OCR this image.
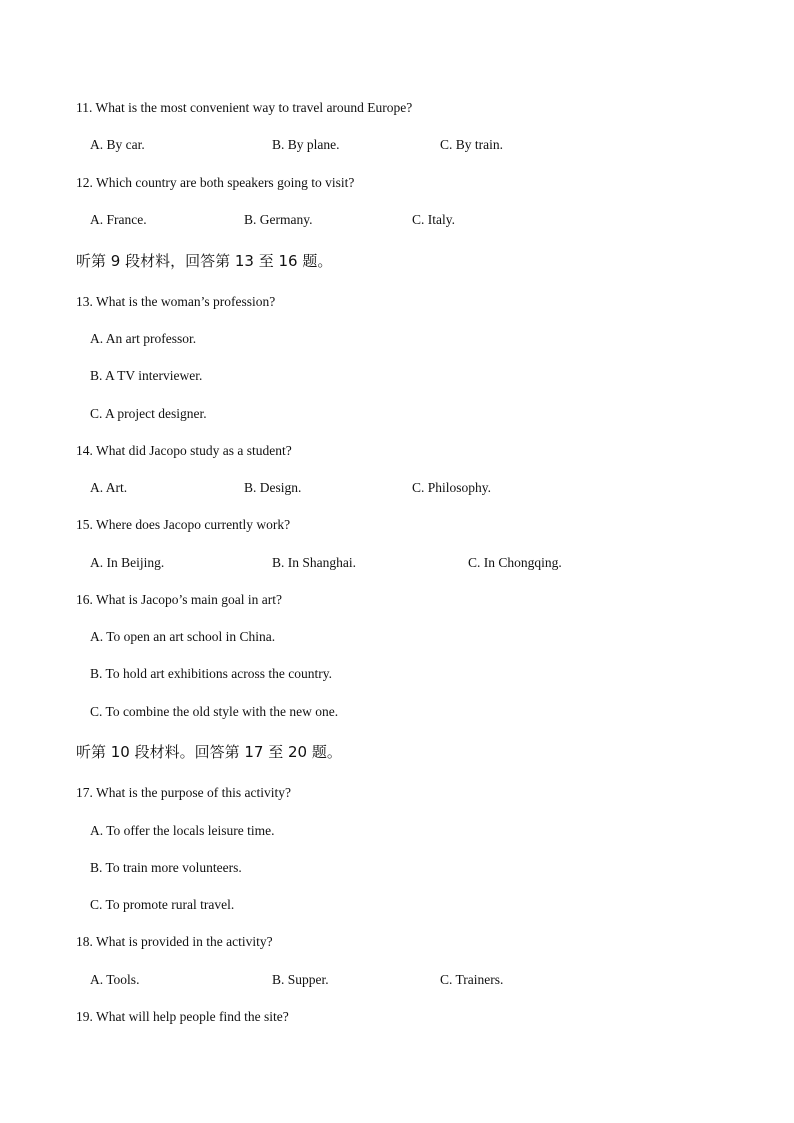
11. What is the most convenient way to travel around Europe?
A. By car.	B. By plane.	C. By train.
12. Which country are both speakers going to visit?
A. France.	B. Germany.	C. Italy.
听第 9 段材料，回答第 13 至 16 题。
13. What is the woman’s profession?
A. An art professor.
B. A TV interviewer.
C. A project designer.
14. What did Jacopo study as a student?
A. Art.	B. Design.	C. Philosophy.
15. Where does Jacopo currently work?
A. In Beijing.	B. In Shanghai.	C. In Chongqing.
16. What is Jacopo’s main goal in art?
A. To open an art school in China.
B. To hold art exhibitions across the country.
C. To combine the old style with the new one.
听第 10 段材料。回答第 17 至 20 题。
17. What is the purpose of this activity?
A. To offer the locals leisure time.
B. To train more volunteers.
C. To promote rural travel.
18. What is provided in the activity?
A. Tools.	B. Supper.	C. Trainers.
19. What will help people find the site?
